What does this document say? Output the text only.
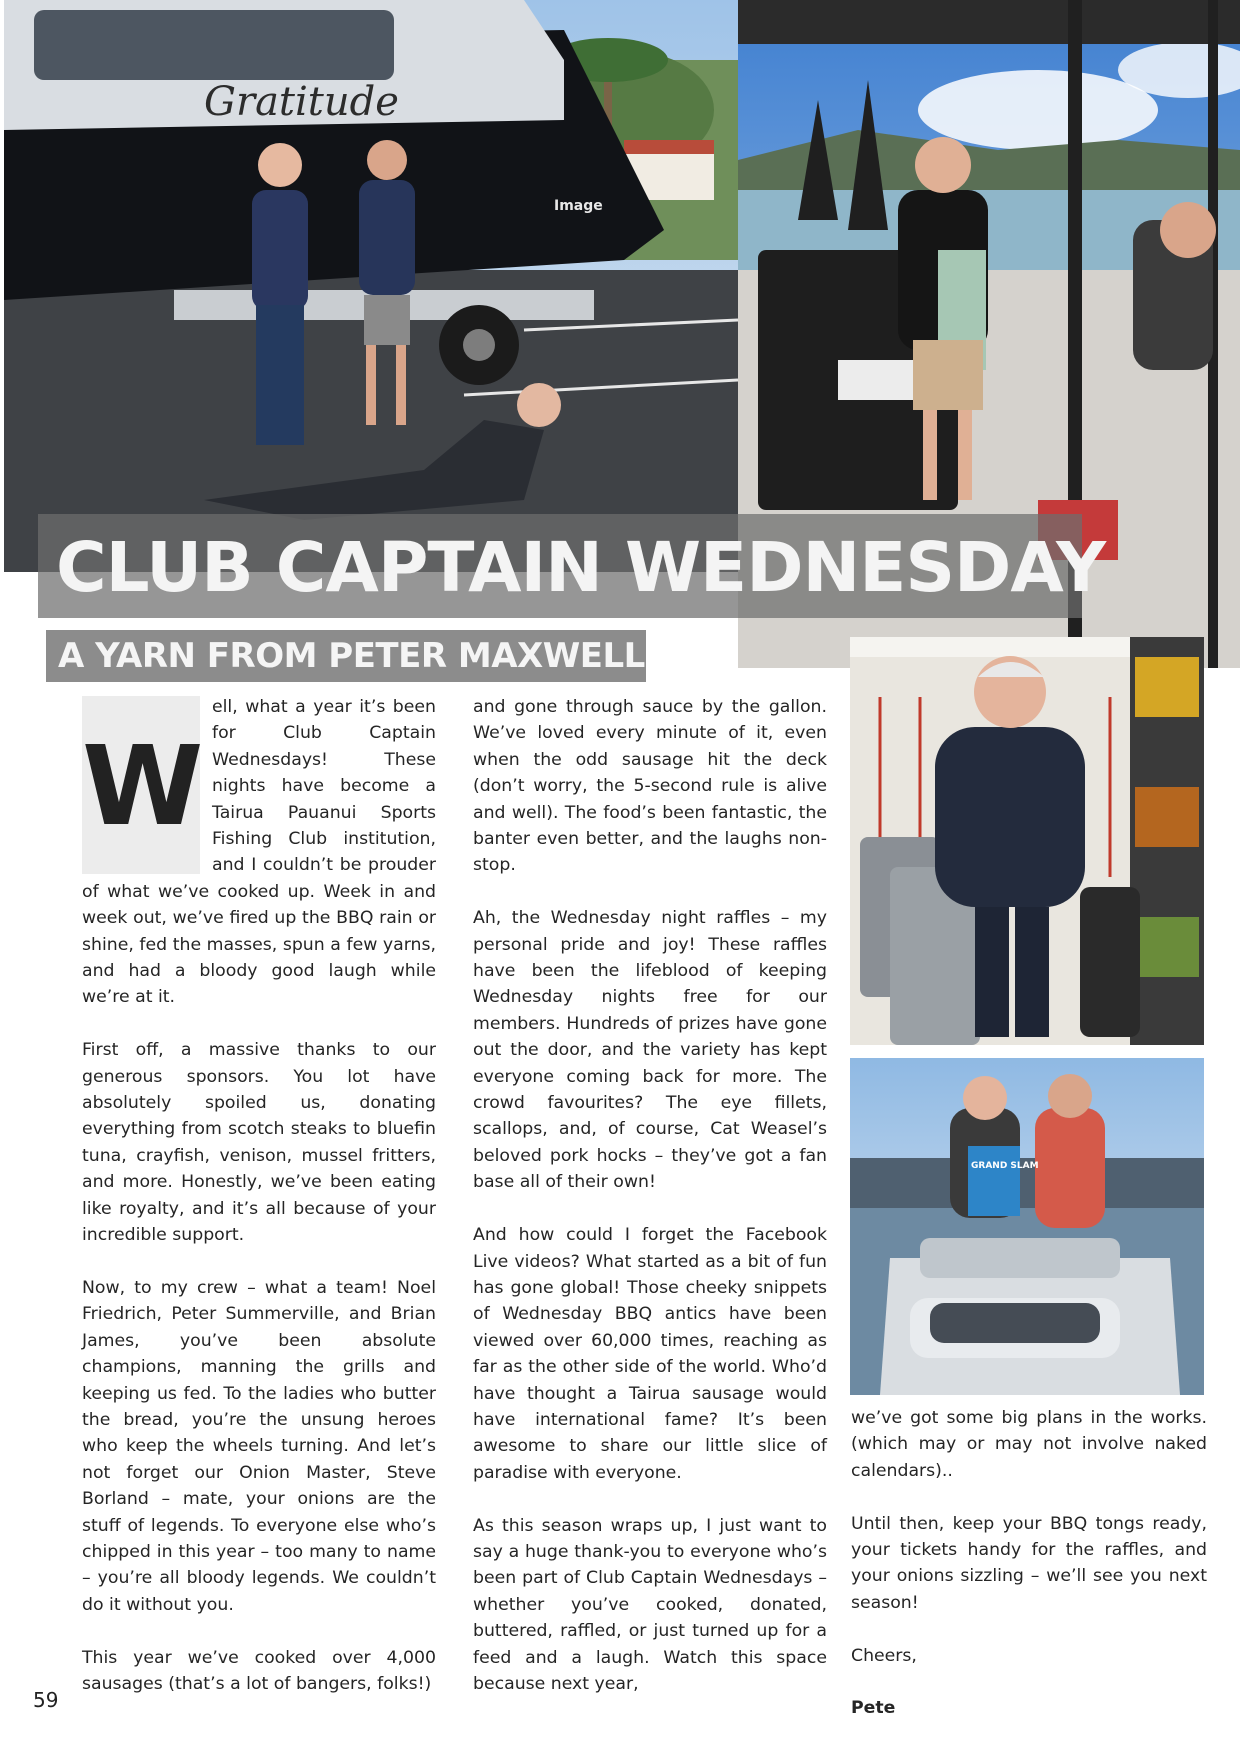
Gratitude
Image
GRAND SLAM
CLUB CAPTAIN WEDNESDAY
A YARN FROM PETER MAXWELL
W

ell, what a year it’s been for Club Captain Wednesdays! These nights have become a Tairua Pauanui Sports Fishing Club institution, and I couldn’t be prouder of what we’ve cooked up. Week in and week out, we’ve fired up the BBQ rain or shine, fed the masses, spun a few yarns, and had a bloody good laugh while we’re at it.

First off, a massive thanks to our generous sponsors. You lot have absolutely spoiled us, donating everything from scotch steaks to bluefin tuna, crayfish, venison, mussel fritters, and more. Honestly, we’ve been eating like royalty, and it’s all because of your incredible support.

Now, to my crew – what a team! Noel Friedrich, Peter Summerville, and Brian James, you’ve been absolute champions, manning the grills and keeping us fed. To the ladies who butter the bread, you’re the unsung heroes who keep the wheels turning. And let’s not forget our Onion Master, Steve Borland – mate, your onions are the stuff of legends. To everyone else who’s chipped in this year – too many to name – you’re all bloody legends. We couldn’t do it without you.

This year we’ve cooked over 4,000 sausages (that’s a lot of bangers, folks!)

and gone through sauce by the gallon. We’ve loved every minute of it, even when the odd sausage hit the deck (don’t worry, the 5-second rule is alive and well). The food’s been fantastic, the banter even better, and the laughs non-stop.

Ah, the Wednesday night raffles – my personal pride and joy! These raffles have been the lifeblood of keeping Wednesday nights free for our members. Hundreds of prizes have gone out the door, and the variety has kept everyone coming back for more. The crowd favourites? The eye fillets, scallops, and, of course, Cat Weasel’s beloved pork hocks – they’ve got a fan base all of their own!

And how could I forget the Facebook Live videos? What started as a bit of fun has gone global! Those cheeky snippets of Wednesday BBQ antics have been viewed over 60,000 times, reaching as far as the other side of the world. Who’d have thought a Tairua sausage would have international fame? It’s been awesome to share our little slice of paradise with everyone.

As this season wraps up, I just want to say a huge thank-you to everyone who’s been part of Club Captain Wednesdays – whether you’ve cooked, donated, buttered, raffled, or just turned up for a feed and a laugh. Watch this space because next year,

we’ve got some big plans in the works. (which may or may not involve naked calendars)..

Until then, keep your BBQ tongs ready, your tickets handy for the raffles, and your onions sizzling – we’ll see you next season!

Cheers,

Pete

59
